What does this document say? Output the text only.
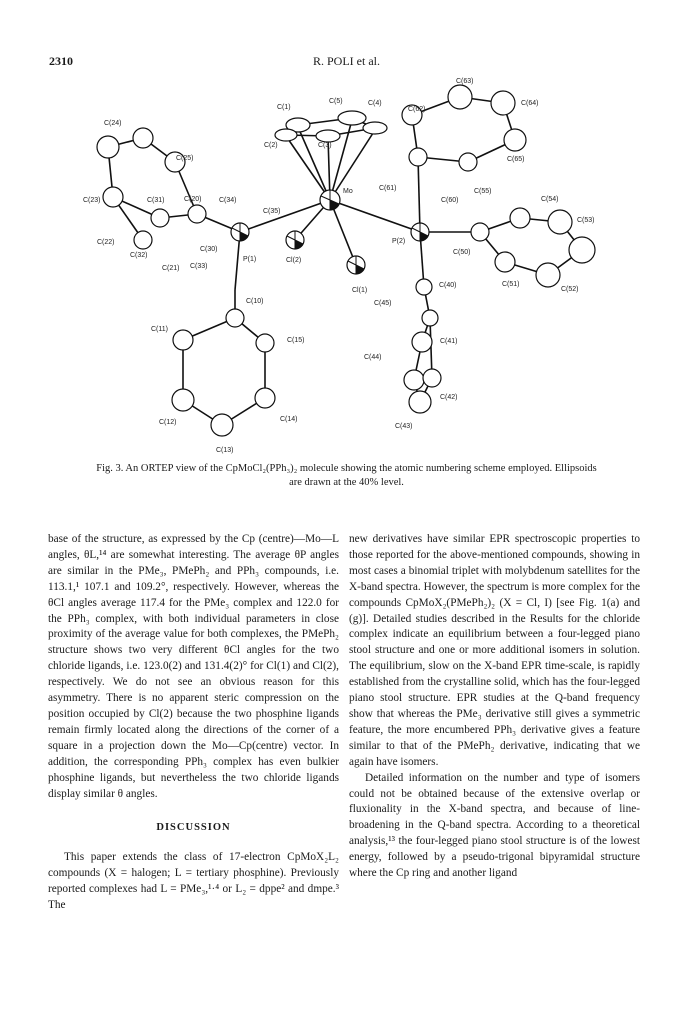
2310	R. POLI et al.
C(63)
C(1)
C(5)	C(4)
C(62)
C(64)
C(24)
C(2)	C(3)
C(25)	C(65)
C(61)
Mo	C(55)
C(23)	C(31)	C(20) C(34)
C(35)
C(60)	C(54)
C(53)
C(22)
C(32)
C(30)
P(2)
C(50)
C(21) C(33)
P(1)	Cl(2)
C(40)	C(51)
C(52)
Cl(1)
C(10)	C(45)
C(11)
C(15)	C(41)
C(44)
C(42)
C(12)	C(14)
C(43)
C(13)
Fig. 3. An ORTEP view of the CpMoCl₂(PPh₃)₂ molecule showing the atomic numbering scheme employed. Ellipsoids are drawn at the 40% level.

base of the structure, as expressed by the Cp (centre)—Mo—L angles, θL,¹⁴ are somewhat interesting. The average θP angles are similar in the PMe₃, PMePh₂ and PPh₃ compounds, i.e. 113.1,¹ 107.1 and 109.2°, respectively. However, whereas the θCl angles average 117.4 for the PMe₃ complex and 122.0 for the PPh₃ complex, with both individual parameters in close proximity of the average value for both complexes, the PMePh₂ structure shows two very different θCl angles for the two chloride ligands, i.e. 123.0(2) and 131.4(2)° for Cl(1) and Cl(2), respectively. We do not see an obvious reason for this asymmetry. There is no apparent steric compression on the position occupied by Cl(2) because the two phosphine ligands remain firmly located along the directions of the corner of a square in a projection down the Mo—Cp(centre) vector. In addition, the corresponding PPh₃ complex has even bulkier phosphine ligands, but nevertheless the two chloride ligands display similar θ angles.

DISCUSSION

This paper extends the class of 17-electron CpMoX₂L₂ compounds (X = halogen; L = tertiary phosphine). Previously reported complexes had L = PMe₃,¹·⁴ or L₂ = dppe² and dmpe.³ The

new derivatives have similar EPR spectroscopic properties to those reported for the above-mentioned compounds, showing in most cases a binomial triplet with molybdenum satellites for the X-band spectra. However, the spectrum is more complex for the compounds CpMoX₂(PMePh₂)₂ (X = Cl, I) [see Fig. 1(a) and (g)]. Detailed studies described in the Results for the chloride complex indicate an equilibrium between a four-legged piano stool structure and one or more additional isomers in solution. The equilibrium, slow on the X-band EPR time-scale, is rapidly established from the crystalline solid, which has the four-legged piano stool structure. EPR studies at the Q-band frequency show that whereas the PMe₃ derivative still gives a symmetric feature, the more encumbered PPh₃ derivative gives a feature similar to that of the PMePh₂ derivative, indicating that we again have isomers.

Detailed information on the number and type of isomers could not be obtained because of the extensive overlap or fluxionality in the X-band spectra, and because of line-broadening in the Q-band spectra. According to a theoretical analysis,¹³ the four-legged piano stool structure is of the lowest energy, followed by a pseudo-trigonal bipyramidal structure where the Cp ring and another ligand
